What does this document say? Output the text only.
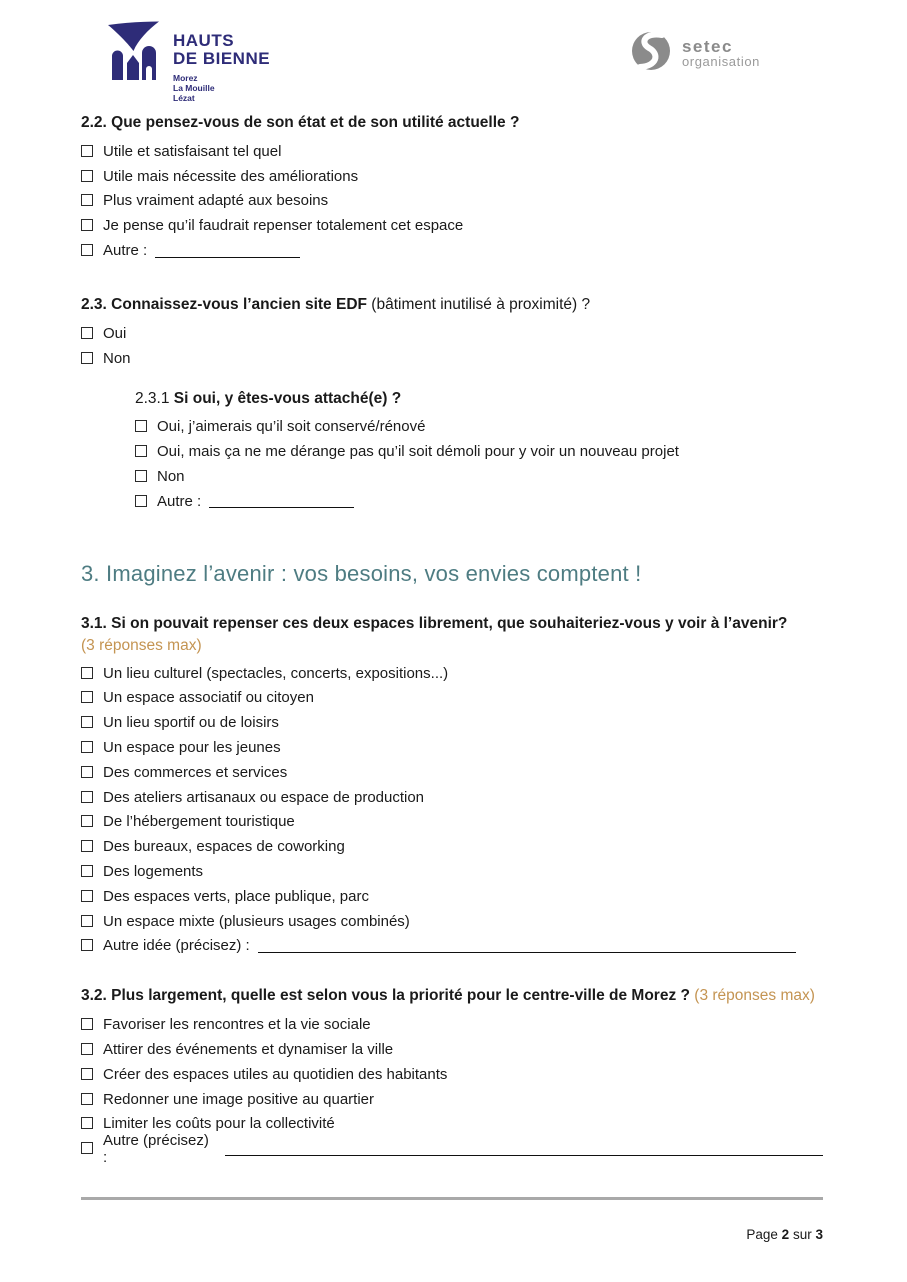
HAUTS
DE BIENNE
Morez
La Mouille
Lézat
setec
organisation
2.2. Que pensez-vous de son état et de son utilité actuelle ?
Utile et satisfaisant tel quel
Utile mais nécessite des améliorations
Plus vraiment adapté aux besoins
Je pense qu’il faudrait repenser totalement cet espace
Autre :
2.3. Connaissez-vous l’ancien site EDF (bâtiment inutilisé à proximité) ?
Oui
Non
2.3.1 Si oui, y êtes-vous attaché(e) ?
Oui, j’aimerais qu’il soit conservé/rénové
Oui, mais ça ne me dérange pas qu’il soit démoli pour y voir un nouveau projet
Non
Autre :
3. Imaginez l’avenir : vos besoins, vos envies comptent !
3.1. Si on pouvait repenser ces deux espaces librement, que souhaiteriez-vous y voir à l’avenir?
(3 réponses max)
Un lieu culturel (spectacles, concerts, expositions...)
Un espace associatif ou citoyen
Un lieu sportif ou de loisirs
Un espace pour les jeunes
Des commerces et services
Des ateliers artisanaux ou espace de production
De l’hébergement touristique
Des bureaux, espaces de coworking
Des logements
Des espaces verts, place publique, parc
Un espace mixte (plusieurs usages combinés)
Autre idée (précisez) :
3.2. Plus largement, quelle est selon vous la priorité pour le centre-ville de Morez ? (3 réponses max)
Favoriser les rencontres et la vie sociale
Attirer des événements et dynamiser la ville
Créer des espaces utiles au quotidien des habitants
Redonner une image positive au quartier
Limiter les coûts pour la collectivité
Autre (précisez) :
Page 2 sur 3
